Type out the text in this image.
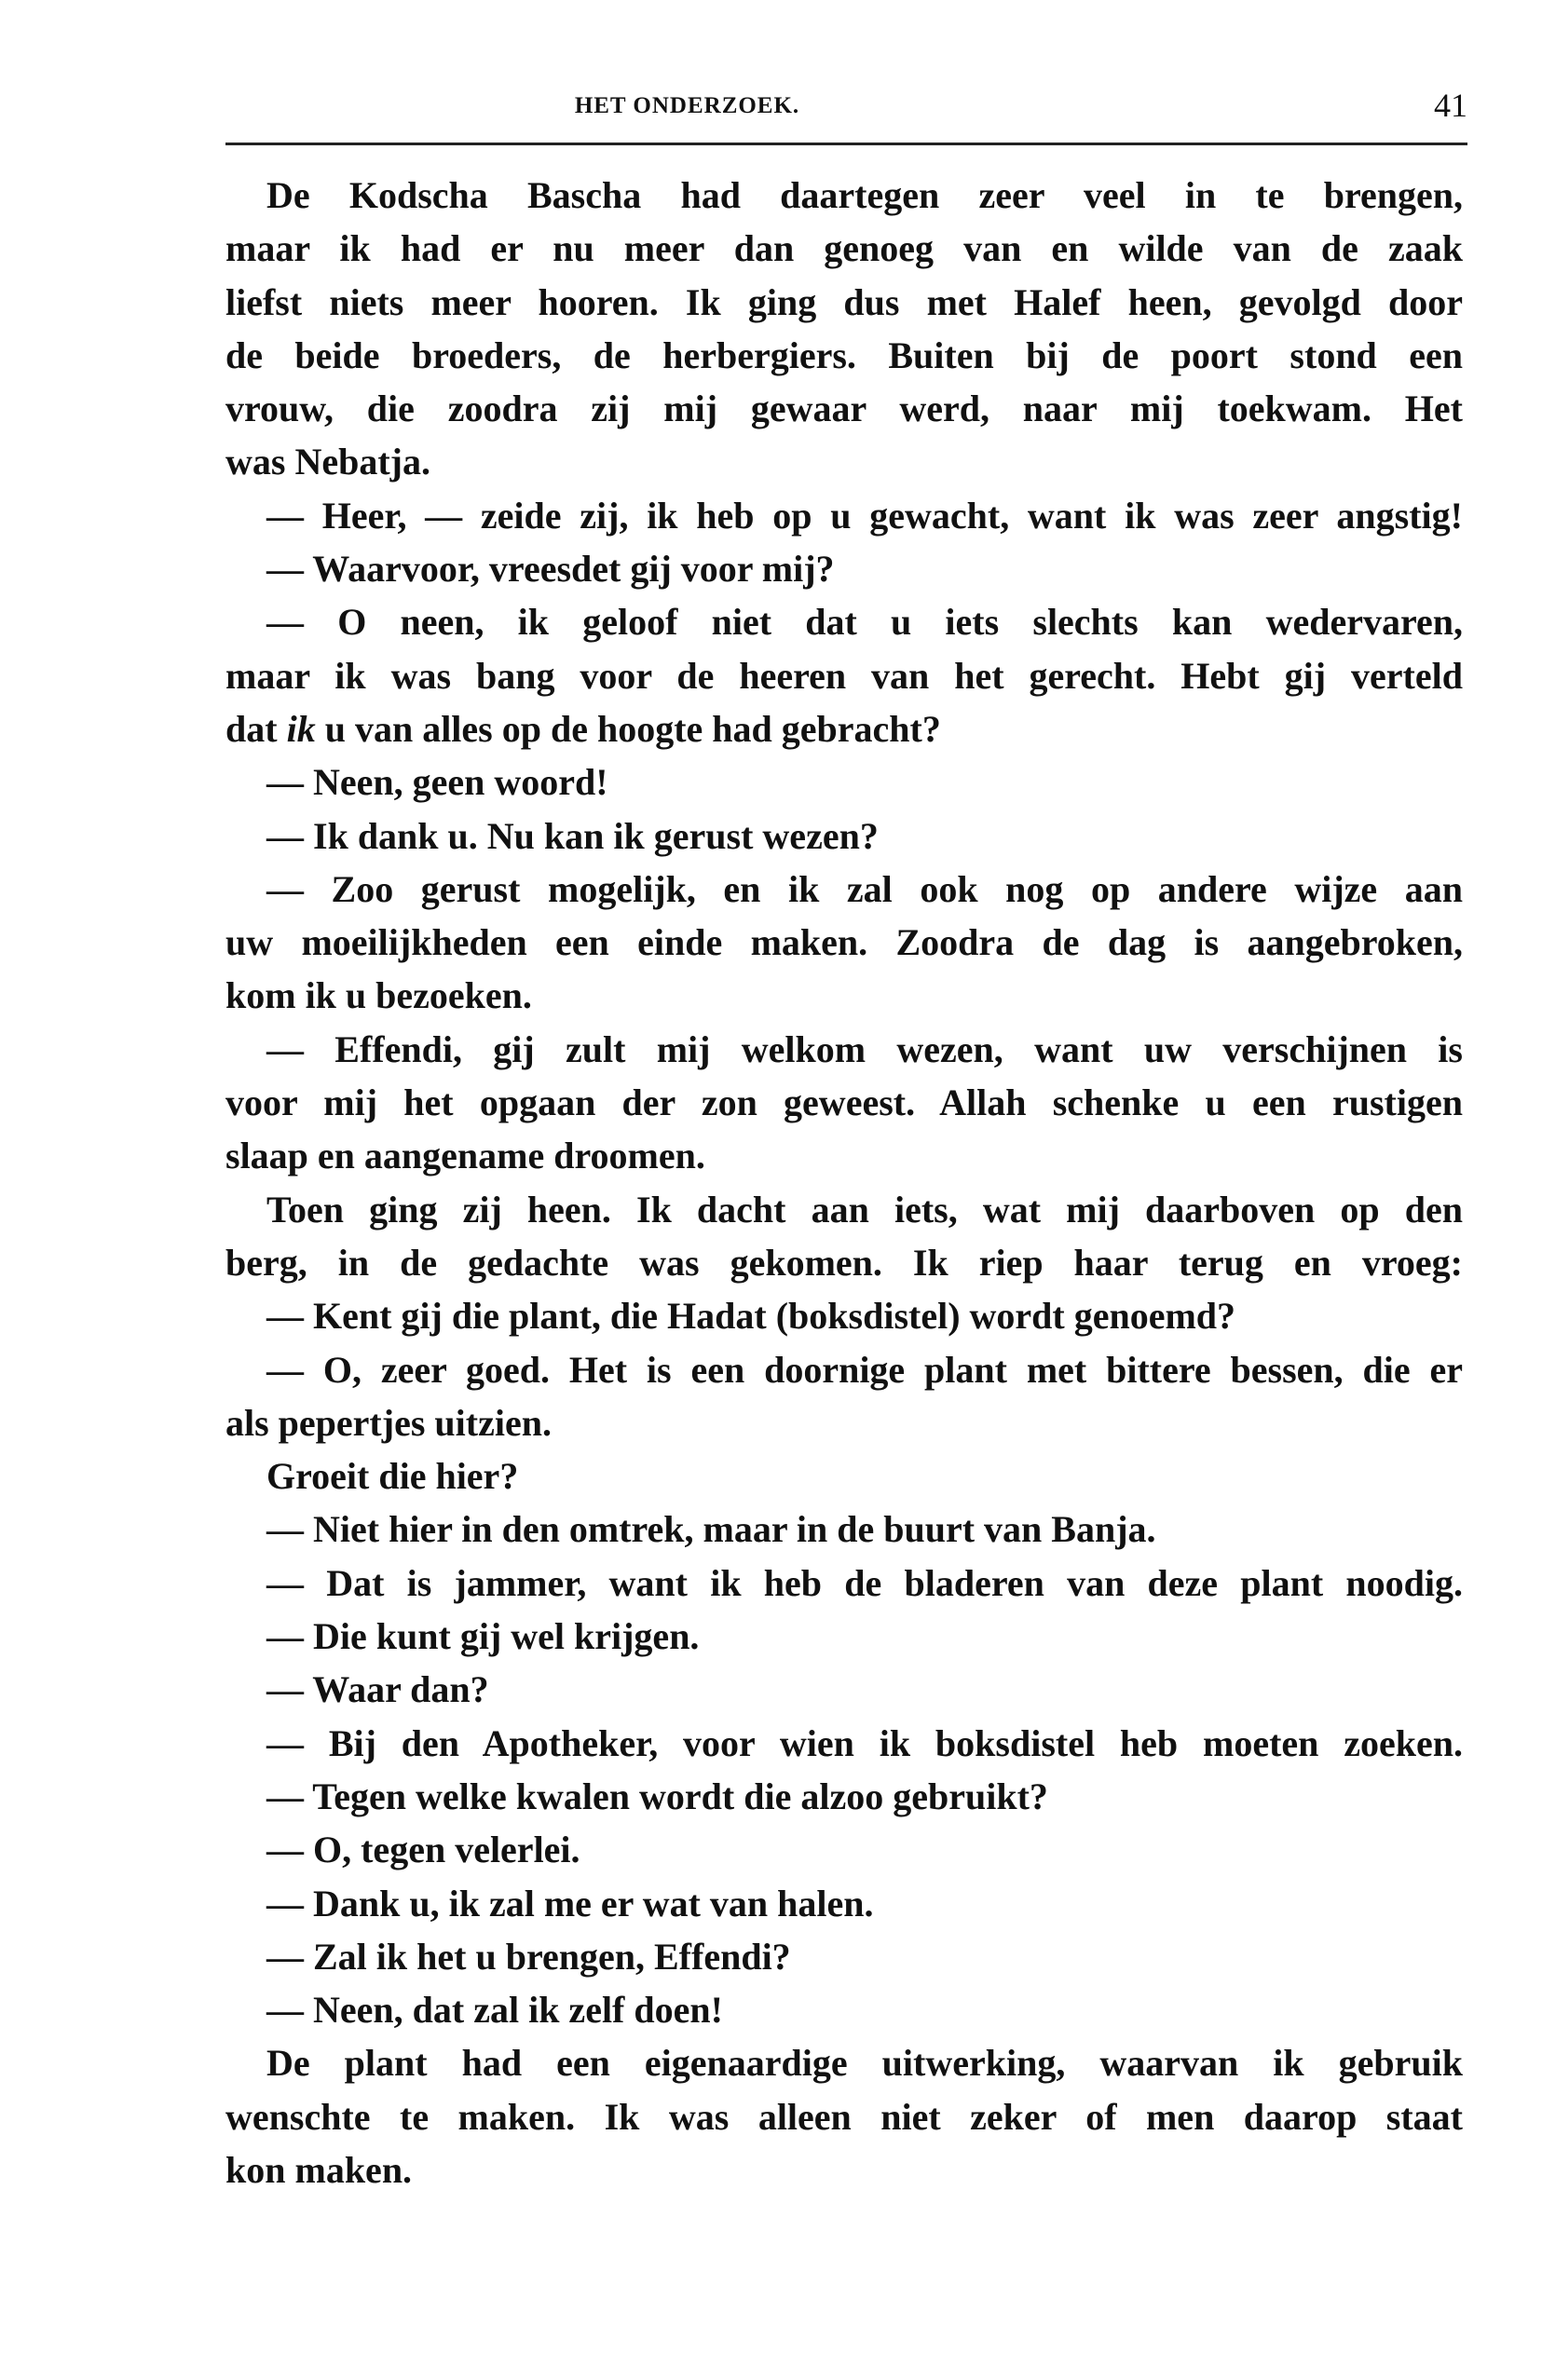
HET ONDERZOEK.	41
De Kodscha Bascha had daartegen zeer veel in te brengen,
maar ik had er nu meer dan genoeg van en wilde van de zaak
liefst niets meer hooren. Ik ging dus met Halef heen, gevolgd door
de beide broeders, de herbergiers. Buiten bij de poort stond een
vrouw, die zoodra zij mij gewaar werd, naar mij toekwam. Het
was Nebatja.
— Heer, — zeide zij, ik heb op u gewacht, want ik was zeer angstig!
— Waarvoor, vreesdet gij voor mij?
— O neen, ik geloof niet dat u iets slechts kan wedervaren,
maar ik was bang voor de heeren van het gerecht. Hebt gij verteld
dat ik u van alles op de hoogte had gebracht?
— Neen, geen woord!
— Ik dank u. Nu kan ik gerust wezen?
— Zoo gerust mogelijk, en ik zal ook nog op andere wijze aan
uw moeilijkheden een einde maken. Zoodra de dag is aangebroken,
kom ik u bezoeken.
— Effendi, gij zult mij welkom wezen, want uw verschijnen is
voor mij het opgaan der zon geweest. Allah schenke u een rustigen
slaap en aangename droomen.
Toen ging zij heen. Ik dacht aan iets, wat mij daarboven op den
berg, in de gedachte was gekomen. Ik riep haar terug en vroeg:
— Kent gij die plant, die Hadat (boksdistel) wordt genoemd?
— O, zeer goed. Het is een doornige plant met bittere bessen, die er
als pepertjes uitzien.
Groeit die hier?
— Niet hier in den omtrek, maar in de buurt van Banja.
— Dat is jammer, want ik heb de bladeren van deze plant noodig.
— Die kunt gij wel krijgen.
— Waar dan?
— Bij den Apotheker, voor wien ik boksdistel heb moeten zoeken.
— Tegen welke kwalen wordt die alzoo gebruikt?
— O, tegen velerlei.
— Dank u, ik zal me er wat van halen.
— Zal ik het u brengen, Effendi?
— Neen, dat zal ik zelf doen!
De plant had een eigenaardige uitwerking, waarvan ik gebruik
wenschte te maken. Ik was alleen niet zeker of men daarop staat
kon maken.
